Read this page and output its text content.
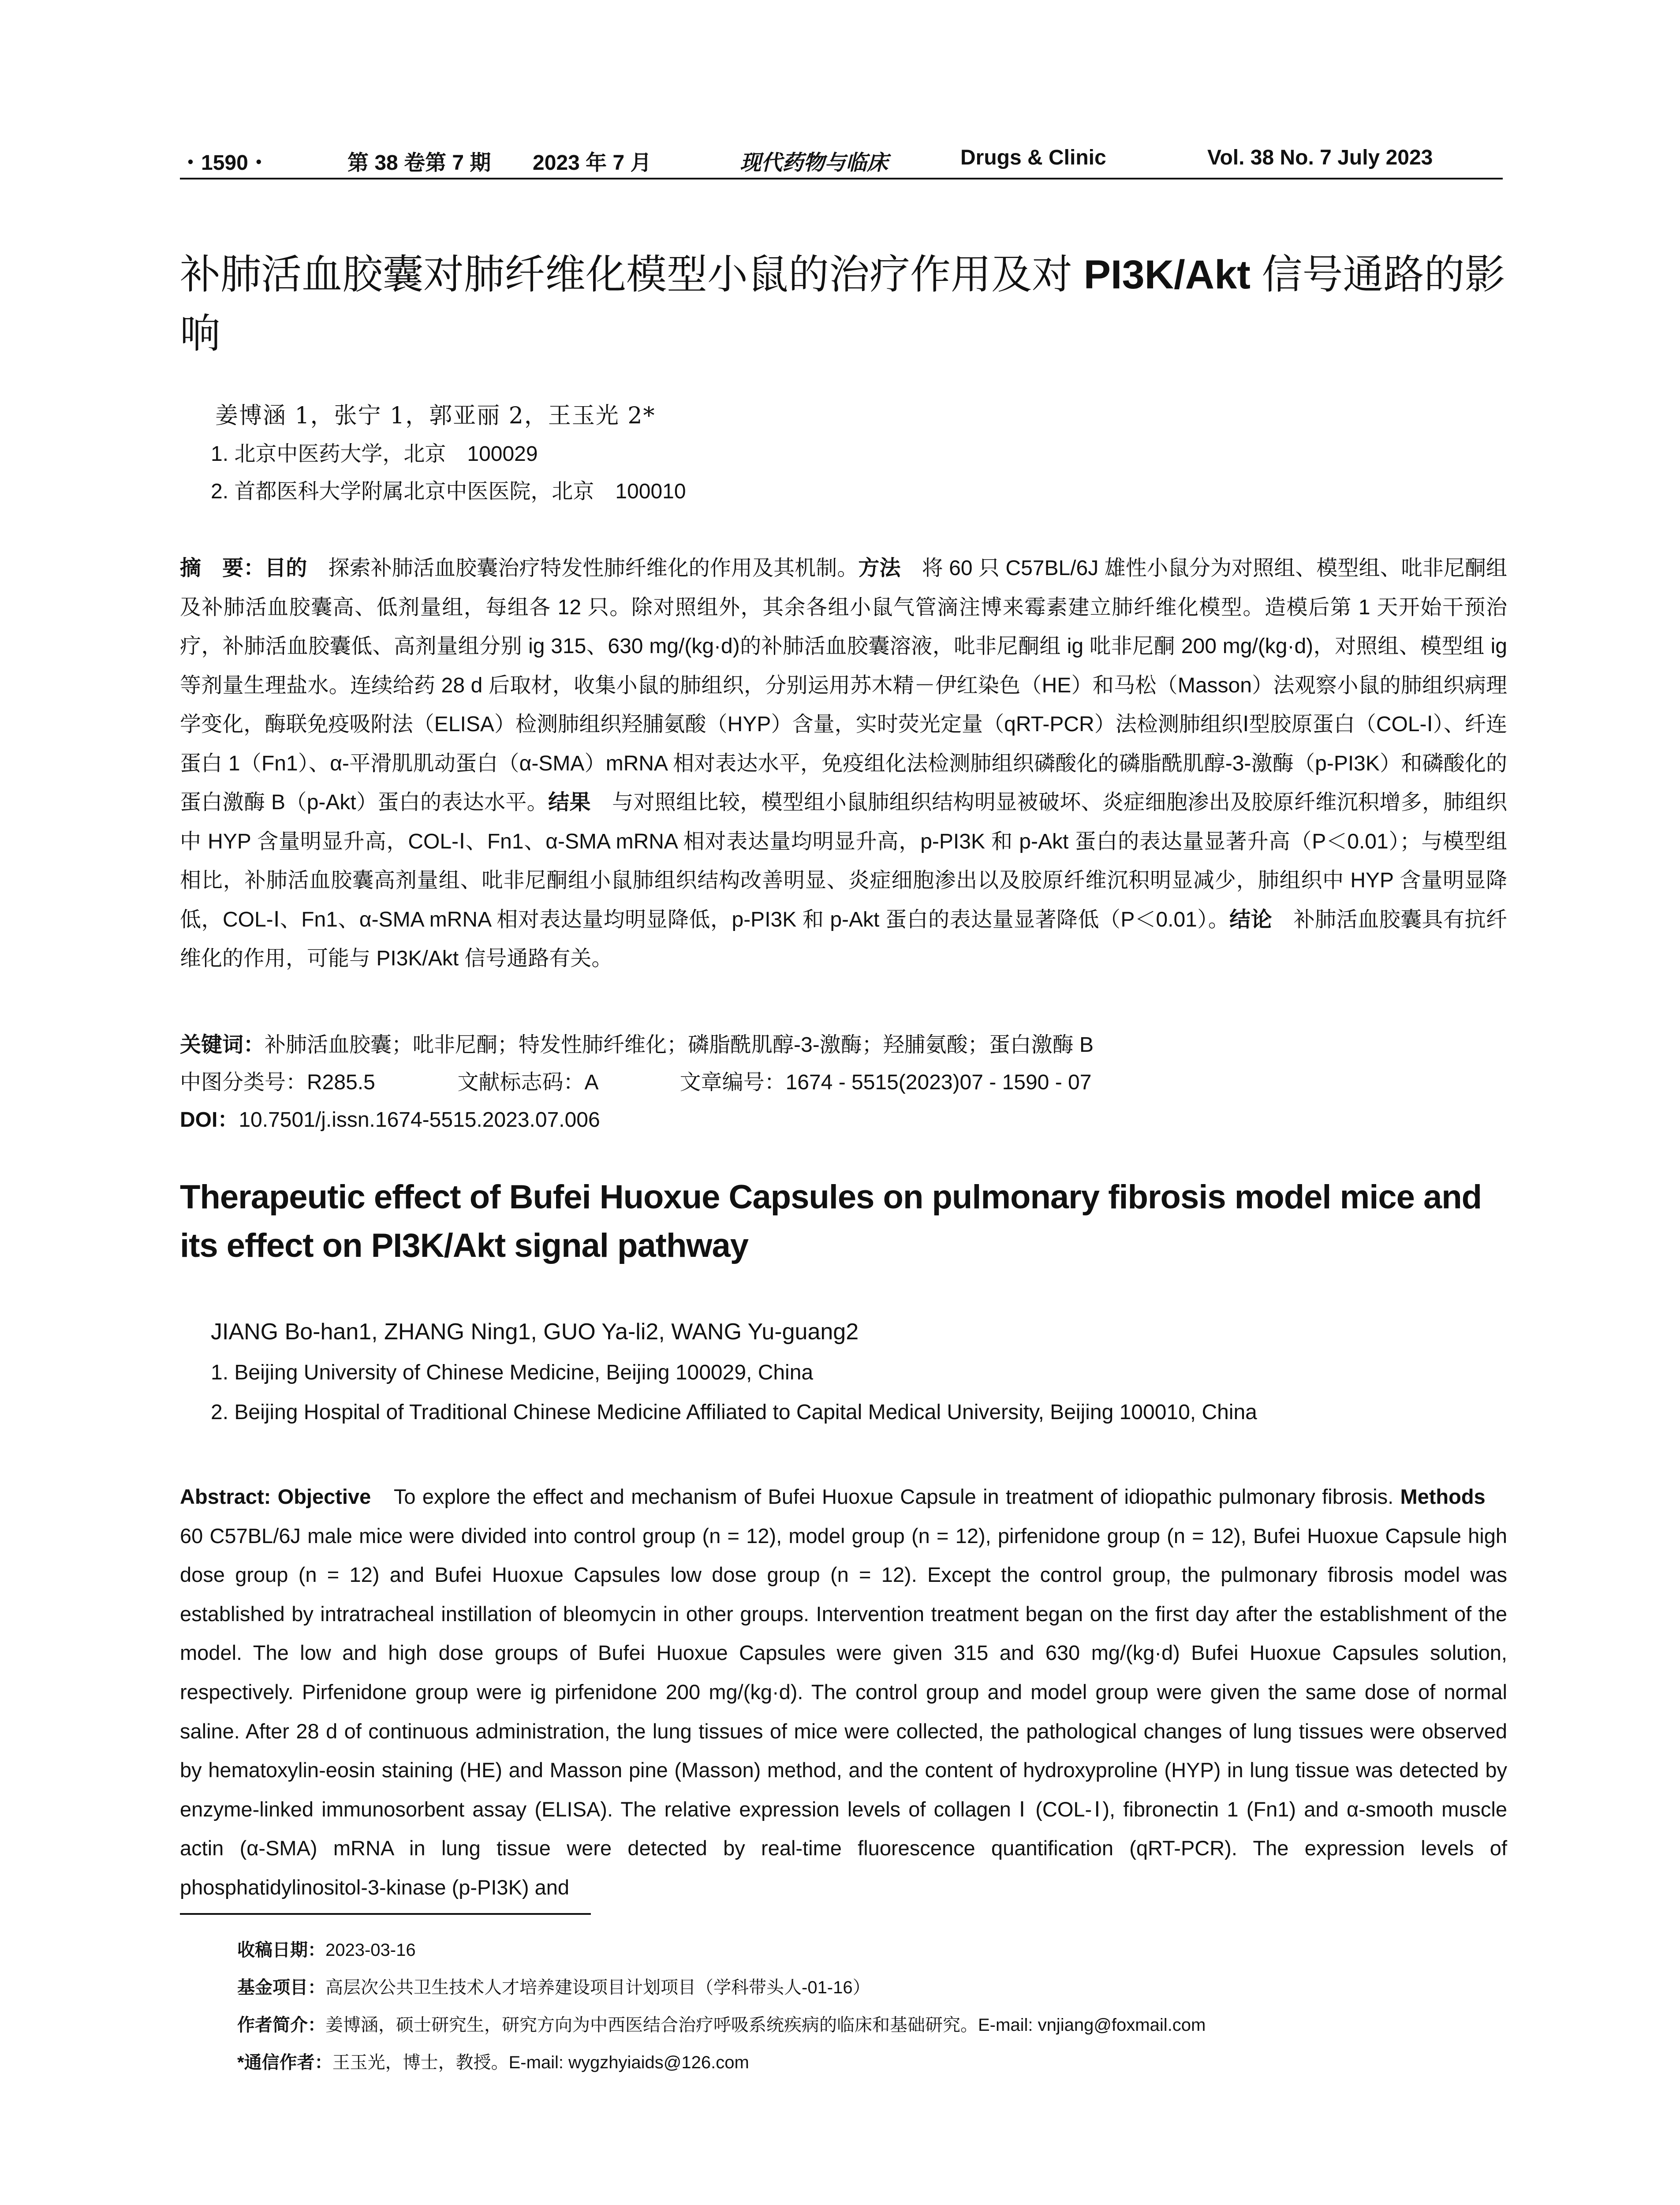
・1590・	第 38 卷第 7 期 2023 年 7 月	现代药物与临床	Drugs & Clinic	Vol. 38 No. 7 July 2023
补肺活血胶囊对肺纤维化模型小鼠的治疗作用及对 PI3K/Akt 信号通路的影响
姜博涵 1，张宁 1，郭亚丽 2，王玉光 2*
1. 北京中医药大学，北京　100029
2. 首都医科大学附属北京中医医院，北京　100010

摘　要：目的　探索补肺活血胶囊治疗特发性肺纤维化的作用及其机制。方法　将 60 只 C57BL/6J 雄性小鼠分为对照组、模型组、吡非尼酮组及补肺活血胶囊高、低剂量组，每组各 12 只。除对照组外，其余各组小鼠气管滴注博来霉素建立肺纤维化模型。造模后第 1 天开始干预治疗，补肺活血胶囊低、高剂量组分别 ig 315、630 mg/(kg·d)的补肺活血胶囊溶液，吡非尼酮组 ig 吡非尼酮 200 mg/(kg·d)，对照组、模型组 ig 等剂量生理盐水。连续给药 28 d 后取材，收集小鼠的肺组织，分别运用苏木精－伊红染色（HE）和马松（Masson）法观察小鼠的肺组织病理学变化，酶联免疫吸附法（ELISA）检测肺组织羟脯氨酸（HYP）含量，实时荧光定量（qRT-PCR）法检测肺组织Ⅰ型胶原蛋白（COL-Ⅰ）、纤连蛋白 1（Fn1）、α-平滑肌肌动蛋白（α-SMA）mRNA 相对表达水平，免疫组化法检测肺组织磷酸化的磷脂酰肌醇-3-激酶（p-PI3K）和磷酸化的蛋白激酶 B（p-Akt）蛋白的表达水平。结果　与对照组比较，模型组小鼠肺组织结构明显被破坏、炎症细胞渗出及胶原纤维沉积增多，肺组织中 HYP 含量明显升高，COL-Ⅰ、Fn1、α-SMA mRNA 相对表达量均明显升高，p-PI3K 和 p-Akt 蛋白的表达量显著升高（P＜0.01）；与模型组相比，补肺活血胶囊高剂量组、吡非尼酮组小鼠肺组织结构改善明显、炎症细胞渗出以及胶原纤维沉积明显减少，肺组织中 HYP 含量明显降低，COL-Ⅰ、Fn1、α-SMA mRNA 相对表达量均明显降低，p-PI3K 和 p-Akt 蛋白的表达量显著降低（P＜0.01）。结论　补肺活血胶囊具有抗纤维化的作用，可能与 PI3K/Akt 信号通路有关。

关键词：补肺活血胶囊；吡非尼酮；特发性肺纤维化；磷脂酰肌醇-3-激酶；羟脯氨酸；蛋白激酶 B
中图分类号：R285.5	文献标志码：A	文章编号：1674 - 5515(2023)07 - 1590 - 07
DOI：10.7501/j.issn.1674-5515.2023.07.006
Therapeutic effect of Bufei Huoxue Capsules on pulmonary fibrosis model mice and its effect on PI3K/Akt signal pathway
JIANG Bo-han1, ZHANG Ning1, GUO Ya-li2, WANG Yu-guang2
1. Beijing University of Chinese Medicine, Beijing 100029, China
2. Beijing Hospital of Traditional Chinese Medicine Affiliated to Capital Medical University, Beijing 100010, China

Abstract: Objective　To explore the effect and mechanism of Bufei Huoxue Capsule in treatment of idiopathic pulmonary fibrosis. Methods　60 C57BL/6J male mice were divided into control group (n = 12), model group (n = 12), pirfenidone group (n = 12), Bufei Huoxue Capsule high dose group (n = 12) and Bufei Huoxue Capsules low dose group (n = 12). Except the control group, the pulmonary fibrosis model was established by intratracheal instillation of bleomycin in other groups. Intervention treatment began on the first day after the establishment of the model. The low and high dose groups of Bufei Huoxue Capsules were given 315 and 630 mg/(kg·d) Bufei Huoxue Capsules solution, respectively. Pirfenidone group were ig pirfenidone 200 mg/(kg·d). The control group and model group were given the same dose of normal saline. After 28 d of continuous administration, the lung tissues of mice were collected, the pathological changes of lung tissues were observed by hematoxylin-eosin staining (HE) and Masson pine (Masson) method, and the content of hydroxyproline (HYP) in lung tissue was detected by enzyme-linked immunosorbent assay (ELISA). The relative expression levels of collagen Ⅰ (COL-Ⅰ), fibronectin 1 (Fn1) and α-smooth muscle actin (α-SMA) mRNA in lung tissue were detected by real-time fluorescence quantification (qRT-PCR). The expression levels of phosphatidylinositol-3-kinase (p-PI3K) and

收稿日期：2023-03-16
基金项目：高层次公共卫生技术人才培养建设项目计划项目（学科带头人-01-16）
作者简介：姜博涵，硕士研究生，研究方向为中西医结合治疗呼吸系统疾病的临床和基础研究。E-mail: vnjiang@foxmail.com
*通信作者：王玉光，博士，教授。E-mail: wygzhyiaids@126.com
